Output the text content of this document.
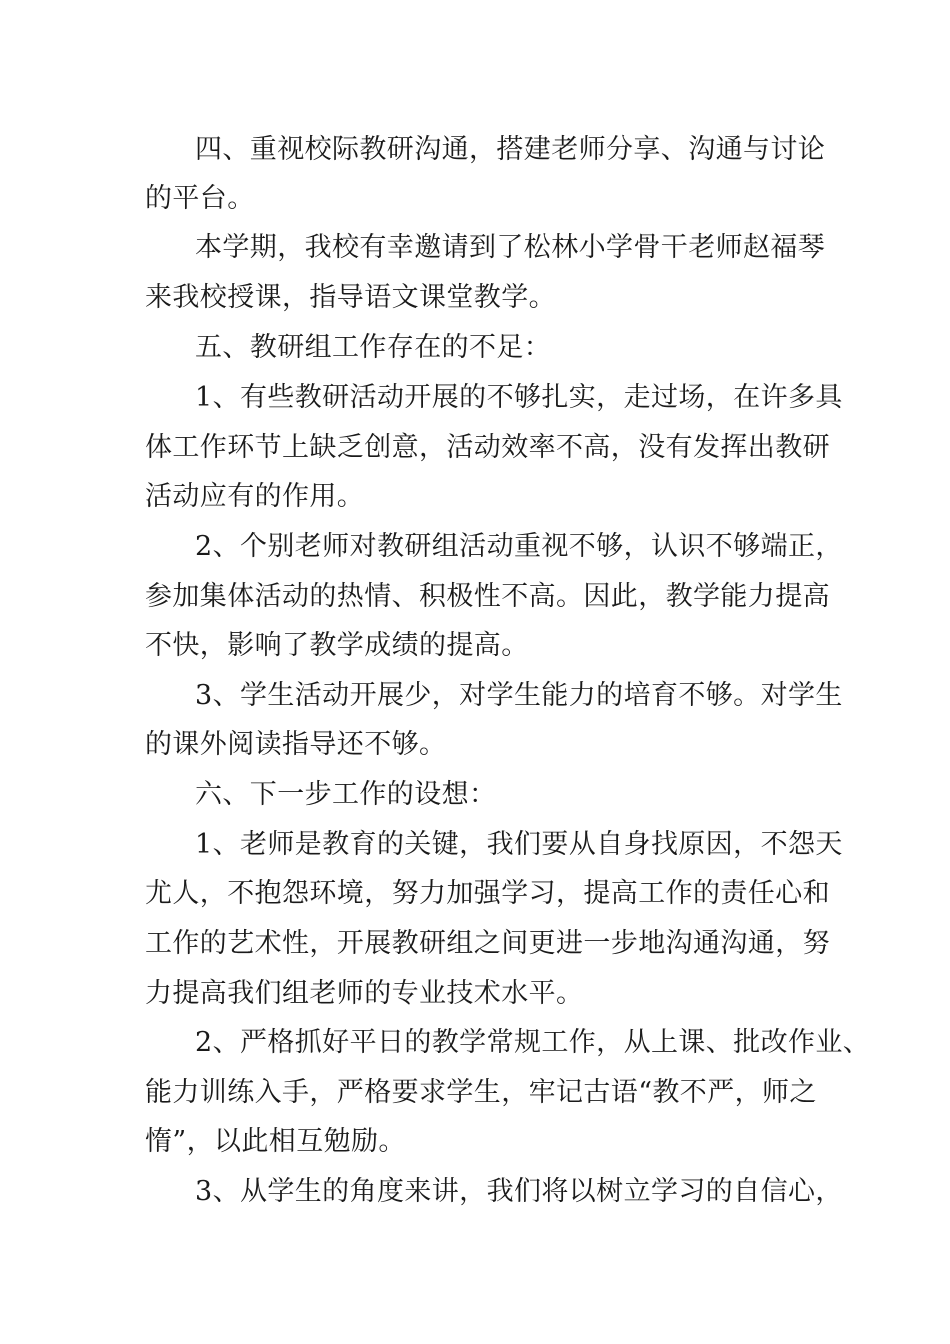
四、重视校际教研沟通，搭建老师分享、沟通与讨论
的平台。
本学期，我校有幸邀请到了松林小学骨干老师赵福琴
来我校授课，指导语文课堂教学。
五、教研组工作存在的不足：
1、有些教研活动开展的不够扎实，走过场，在许多具
体工作环节上缺乏创意，活动效率不高，没有发挥出教研
活动应有的作用。
2、个别老师对教研组活动重视不够，认识不够端正，
参加集体活动的热情、积极性不高。因此，教学能力提高
不快，影响了教学成绩的提高。
3、学生活动开展少，对学生能力的培育不够。对学生
的课外阅读指导还不够。
六、下一步工作的设想：
1、老师是教育的关键，我们要从自身找原因，不怨天
尤人，不抱怨环境，努力加强学习，提高工作的责任心和
工作的艺术性，开展教研组之间更进一步地沟通沟通，努
力提高我们组老师的专业技术水平。
2、严格抓好平日的教学常规工作，从上课、批改作业、
能力训练入手，严格要求学生，牢记古语“教不严，师之
惰”，以此相互勉励。
3、从学生的角度来讲，我们将以树立学习的自信心，
